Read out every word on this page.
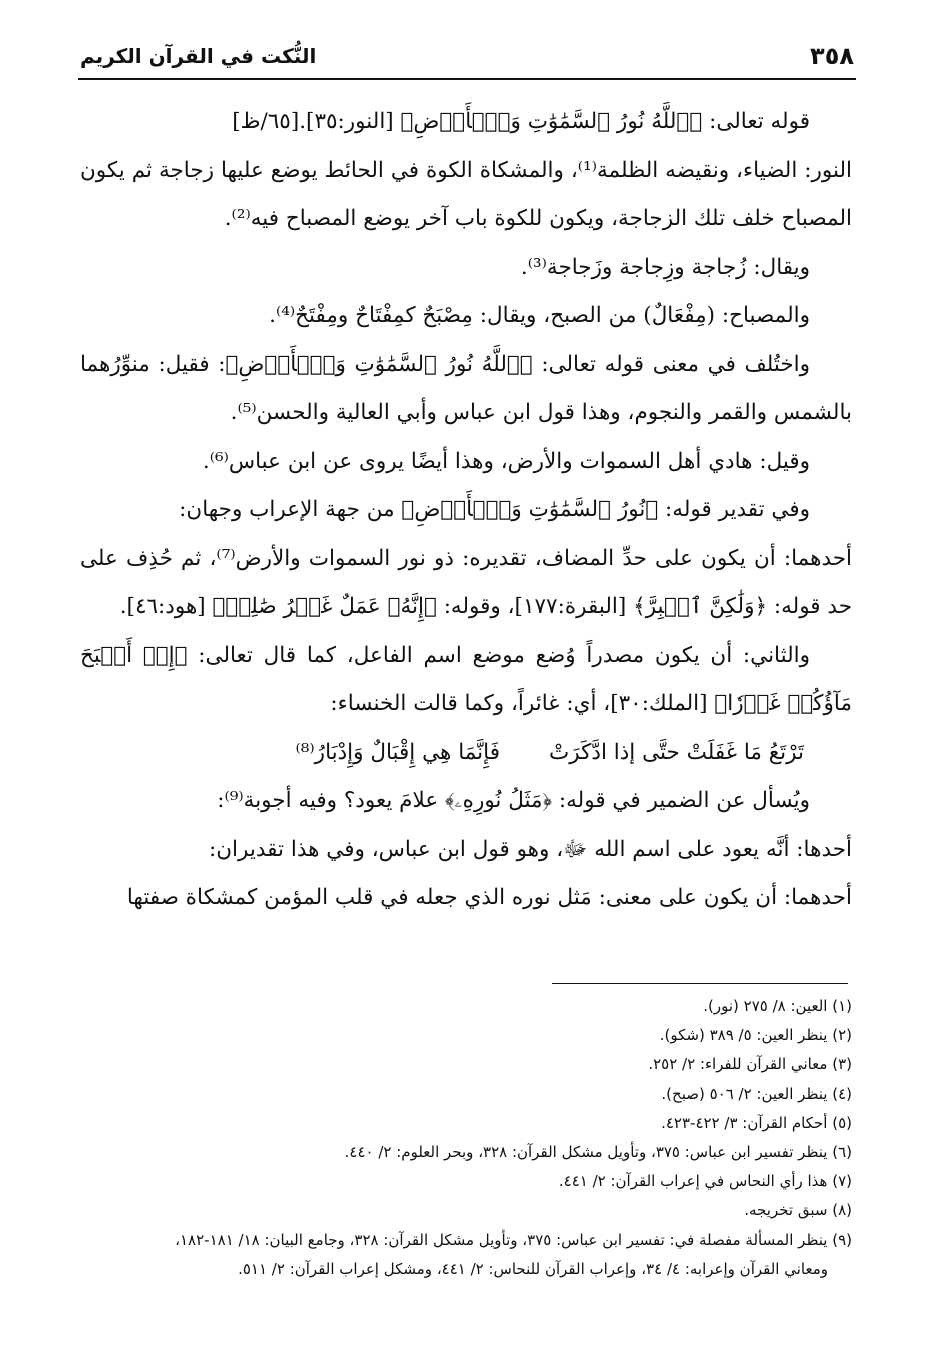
٣٥٨
النُّكت في القرآن الكريم

قوله تعالى: ﴿ٱللَّهُ نُورُ ٱلسَّمَٰوَٰتِ وَٱلۡأَرۡضِ﴾ [النور:٣٥].[٦٥/ظ]

النور: الضياء، ونقيضه الظلمة⁽¹⁾، والمشكاة الكوة في الحائط يوضع عليها زجاجة ثم يكون المصباح خلف تلك الزجاجة، ويكون للكوة باب آخر يوضع المصباح فيه⁽²⁾.

ويقال: زُجاجة وزِجاجة وزَجاجة⁽³⁾.

والمصباح: (مِفْعَالٌ) من الصبح، ويقال: مِصْبَحٌ كمِفْتَاحٌ ومِفْتَحٌ⁽⁴⁾.

واختُلف في معنى قوله تعالى: ﴿ٱللَّهُ نُورُ ٱلسَّمَٰوَٰتِ وَٱلۡأَرۡضِ﴾: فقيل: منوِّرُهما بالشمس والقمر والنجوم، وهذا قول ابن عباس وأبي العالية والحسن⁽⁵⁾.

وقيل: هادي أهل السموات والأرض، وهذا أيضًا يروى عن ابن عباس⁽⁶⁾.

وفي تقدير قوله: ﴿نُورُ ٱلسَّمَٰوَٰتِ وَٱلۡأَرۡضِ﴾ من جهة الإعراب وجهان:

أحدهما: أن يكون على حدِّ المضاف، تقديره: ذو نور السموات والأرض⁽⁷⁾، ثم حُذِف على حد قوله: ﴿وَلَٰكِنَّ ٱلۡبِرَّ﴾ [البقرة:١٧٧]، وقوله: ﴿إِنَّهُۥ عَمَلٌ غَيۡرُ صَٰلِحٖ﴾ [هود:٤٦].

والثاني: أن يكون مصدراً وُضع موضع اسم الفاعل، كما قال تعالى: ﴿إِنۡ أَصۡبَحَ مَآؤُكُمۡ غَوۡرٗا﴾ [الملك:٣٠]، أي: غائراً، وكما قالت الخنساء:

تَرْتَعُ مَا غَفَلَتْ حتَّى إذا ادَّكَرَتْ
فَإِنَّمَا هِي إِقْبَالٌ وَإِدْبَارُ⁽⁸⁾

ويُسأل عن الضمير في قوله: ﴿مَثَلُ نُورِهِۦ﴾ علامَ يعود؟ وفيه أجوبة⁽⁹⁾:

أحدها: أنَّه يعود على اسم الله ﷻ، وهو قول ابن عباس، وفي هذا تقديران:

أحدهما: أن يكون على معنى: مَثل نوره الذي جعله في قلب المؤمن كمشكاة صفتها

(١) العين: ٨/ ٢٧٥ (نور).
(٢) ينظر العين: ٥/ ٣٨٩ (شكو).
(٣) معاني القرآن للفراء: ٢/ ٢٥٢.
(٤) ينظر العين: ٢/ ٥٠٦ (صبح).
(٥) أحكام القرآن: ٣/ ٤٢٢-٤٢٣.
(٦) ينظر تفسير ابن عباس: ٣٧٥، وتأويل مشكل القرآن: ٣٢٨، وبحر العلوم: ٢/ ٤٤٠.
(٧) هذا رأي النحاس في إعراب القرآن: ٢/ ٤٤١.
(٨) سبق تخريجه.
(٩) ينظر المسألة مفصلة في: تفسير ابن عباس: ٣٧٥، وتأويل مشكل القرآن: ٣٢٨، وجامع البيان: ١٨/ ١٨١-١٨٢،
ومعاني القرآن وإعرابه: ٤/ ٣٤، وإعراب القرآن للنحاس: ٢/ ٤٤١، ومشكل إعراب القرآن: ٢/ ٥١١.
